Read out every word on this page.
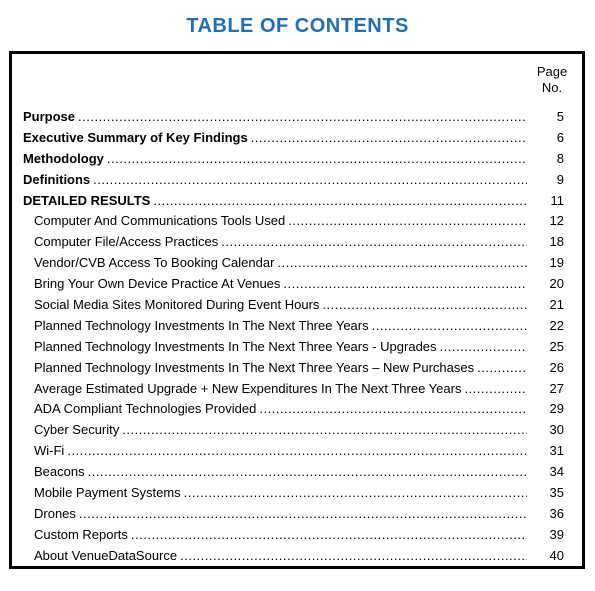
TABLE OF CONTENTS
Page
No.
Purpose .....	5
Executive Summary of Key Findings .....	6
Methodology .....	8
Definitions .....	9
DETAILED RESULTS .....	11
Computer And Communications Tools Used .....	12
Computer File/Access Practices .....	18
Vendor/CVB Access To Booking Calendar .....	19
Bring Your Own Device Practice At Venues .....	20
Social Media Sites Monitored During Event Hours .....	21
Planned Technology Investments In The Next Three Years .....	22
Planned Technology Investments In The Next Three Years - Upgrades .....	25
Planned Technology Investments In The Next Three Years – New Purchases .....	26
Average Estimated Upgrade + New Expenditures In The Next Three Years .....	27
ADA Compliant Technologies Provided .....	29
Cyber Security .....	30
Wi-Fi .....	31
Beacons .....	34
Mobile Payment Systems .....	35
Drones .....	36
Custom Reports .....	39
About VenueDataSource .....	40
